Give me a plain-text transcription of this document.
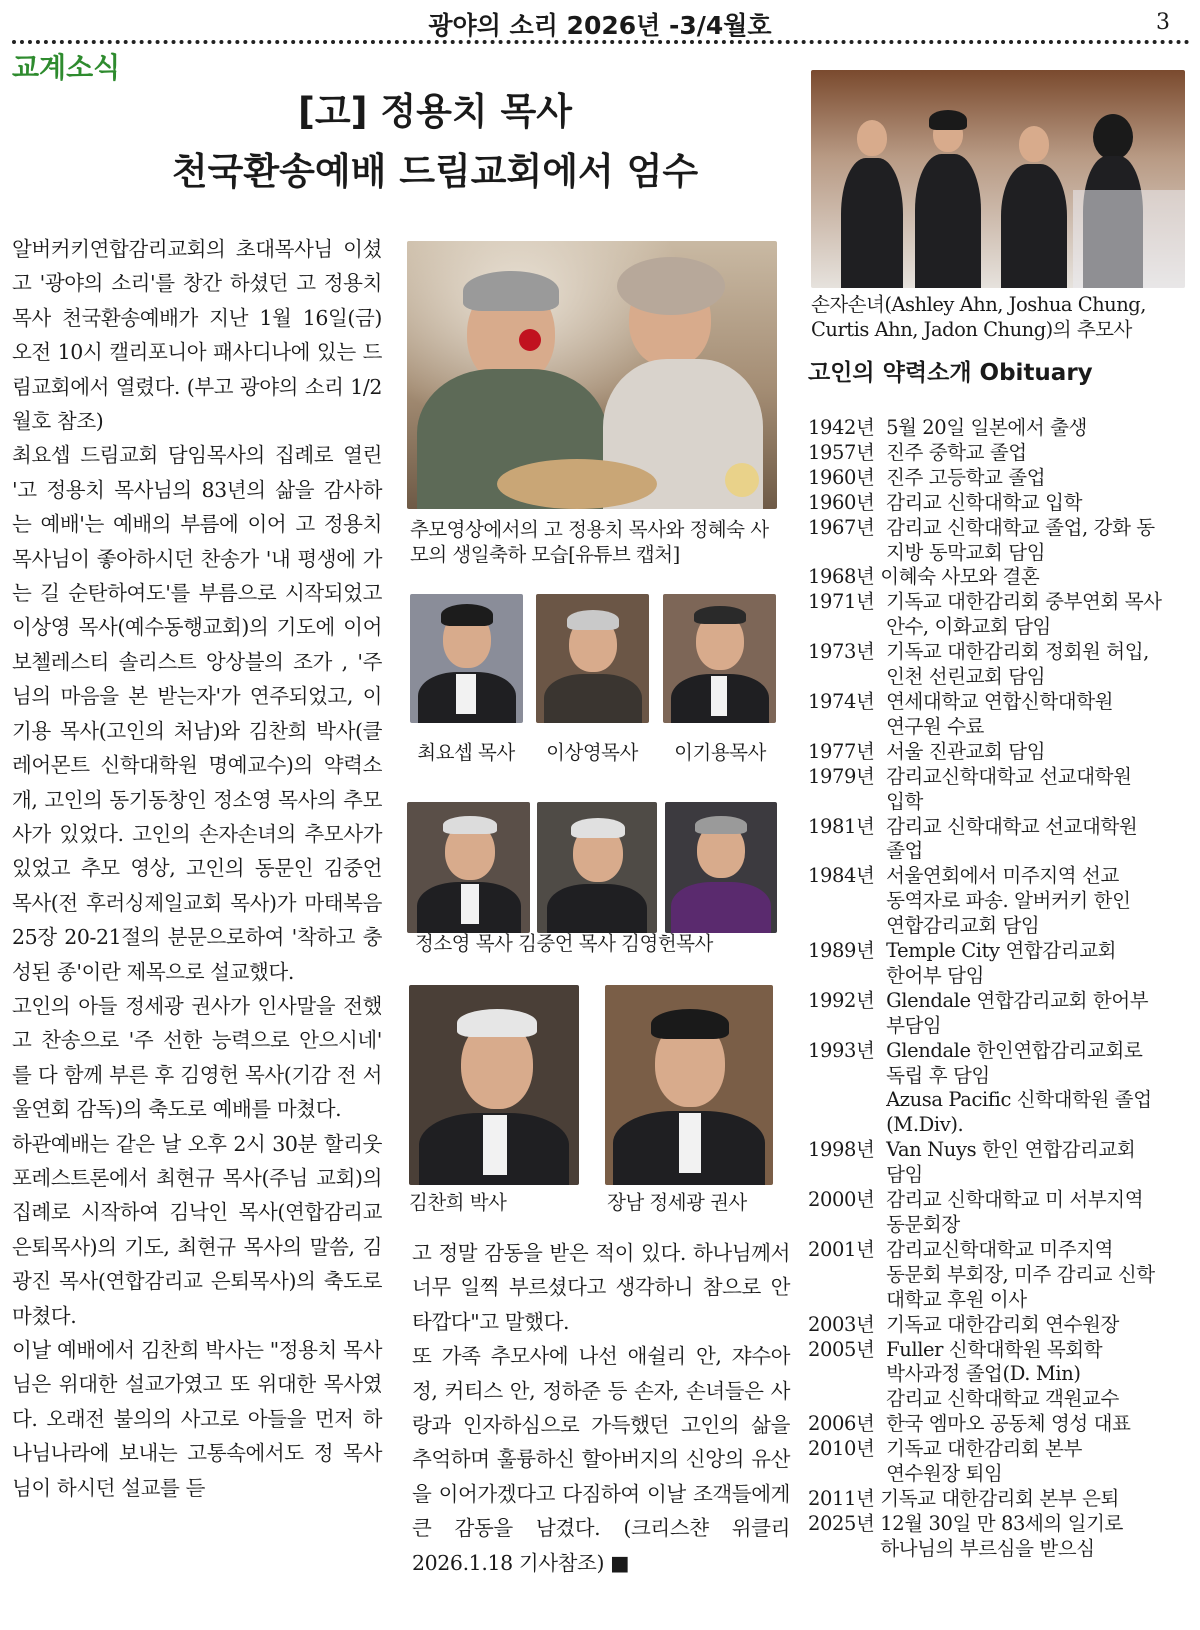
광야의 소리 2026년 -3/4월호	3
교계소식
[고] 정용치 목사
천국환송예배 드림교회에서 엄수

알버커키연합감리교회의 초대목사님 이셨고 '광야의 소리'를 창간 하셨던 고 정용치 목사 천국환송예배가 지난 1월 16일(금) 오전 10시 캘리포니아 패사디나에 있는 드림교회에서 열렸다. (부고 광야의 소리 1/2월호 참조)

최요셉 드림교회 담임목사의 집례로 열린 '고 정용치 목사님의 83년의 삶을 감사하는 예배'는 예배의 부름에 이어 고 정용치 목사님이 좋아하시던 찬송가 '내 평생에 가는 길 순탄하여도'를 부름으로 시작되었고 이상영 목사(예수동행교회)의 기도에 이어 보첼레스티 솔리스트 앙상블의 조가 , '주님의 마음을 본 받는자'가 연주되었고, 이기용 목사(고인의 처남)와 김찬희 박사(클레어몬트 신학대학원 명예교수)의 약력소개, 고인의 동기동창인 정소영 목사의 추모사가 있었다. 고인의 손자손녀의 추모사가 있었고 추모 영상, 고인의 동문인 김중언 목사(전 후러싱제일교회 목사)가 마태복음 25장 20-21절의 분문으로하여 '착하고 충성된 종'이란 제목으로 설교했다.

고인의 아들 정세광 권사가 인사말을 전했고 찬송으로 '주 선한 능력으로 안으시네' 를 다 함께 부른 후 김영헌 목사(기감 전 서울연회 감독)의 축도로 예배를 마쳤다.

하관예배는 같은 날 오후 2시 30분 할리웃 포레스트론에서 최현규 목사(주님 교회)의 집례로 시작하여 김낙인 목사(연합감리교 은퇴목사)의 기도, 최현규 목사의 말씀, 김광진 목사(연합감리교 은퇴목사)의 축도로 마쳤다.

이날 예배에서 김찬희 박사는 "정용치 목사님은 위대한 설교가였고 또 위대한 목사였다. 오래전 불의의 사고로 아들을 먼저 하나님나라에 보내는 고통속에서도 정 목사님이 하시던 설교를 듣

추모영상에서의 고 정용치 목사와 정혜숙 사모의 생일축하 모습[유튜브 캡처]
최요셉 목사	이상영목사	이기용목사
정소영 목사 김중언 목사 김영헌목사
김찬희 박사	장남 정세광 권사

고 정말 감동을 받은 적이 있다. 하나님께서 너무 일찍 부르셨다고 생각하니 참으로 안타깝다"고 말했다.

또 가족 추모사에 나선 애쉴리 안, 쟈수아 정, 커티스 안, 정하준 등 손자, 손녀들은 사랑과 인자하심으로 가득했던 고인의 삶을 추억하며 훌륭하신 할아버지의 신앙의 유산을 이어가겠다고 다짐하여 이날 조객들에게 큰 감동을 남겼다. (크리스챤 위클리 2026.1.18 기사참조) ■

손자손녀(Ashley Ahn, Joshua Chung, Curtis Ahn, Jadon Chung)의 추모사
고인의 약력소개 Obituary
1942년 5월 20일 일본에서 출생
1957년 진주 중학교 졸업
1960년 진주 고등학교 졸업
1960년 감리교 신학대학교 입학
1967년 감리교 신학대학교 졸업, 강화 동
지방 동막교회 담임
1968년 이혜숙 사모와 결혼
1971년 기독교 대한감리회 중부연회 목사
안수, 이화교회 담임
1973년 기독교 대한감리회 정회원 허입,
인천 선린교회 담임
1974년 연세대학교 연합신학대학원
연구원 수료
1977년 서울 진관교회 담임
1979년 감리교신학대학교 선교대학원
입학
1981년 감리교 신학대학교 선교대학원
졸업
1984년 서울연회에서 미주지역 선교
동역자로 파송. 알버커키 한인
연합감리교회 담임
1989년 Temple City 연합감리교회
한어부 담임
1992년 Glendale 연합감리교회 한어부
부담임
1993년 Glendale 한인연합감리교회로
독립 후 담임
Azusa Pacific 신학대학원 졸업
(M.Div).
1998년 Van Nuys 한인 연합감리교회
담임
2000년 감리교 신학대학교 미 서부지역
동문회장
2001년 감리교신학대학교 미주지역
동문회 부회장, 미주 감리교 신학
대학교 후원 이사
2003년 기독교 대한감리회 연수원장
2005년 Fuller 신학대학원 목회학
박사과정 졸업(D. Min)
감리교 신학대학교 객원교수
2006년 한국 엠마오 공동체 영성 대표
2010년 기독교 대한감리회 본부
연수원장 퇴임
2011년 기독교 대한감리회 본부 은퇴
2025년 12월 30일 만 83세의 일기로
하나님의 부르심을 받으심
